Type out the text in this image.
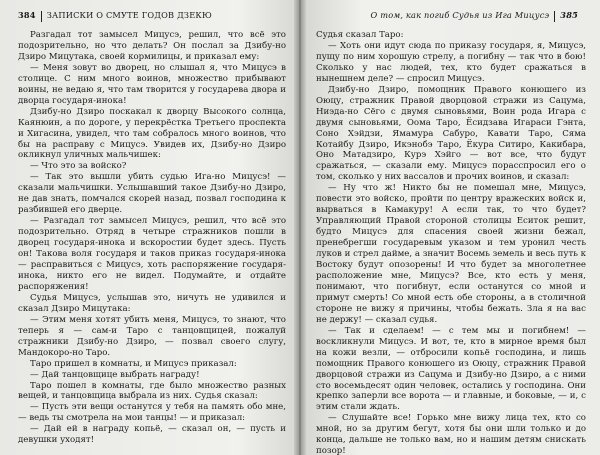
384 ЗАПИСКИ О СМУТЕ ГОДОВ ДЗЕКЮ

Разгадал тот замысел Мицусэ, решил, что всё это подозрительно, но что делать? Он послал за Дзибу-но Дзиро Мицутака, своей кормилицы, и приказал ему:

— Меня зовут во дворец, но слышал я, что Мицусэ в столице. С ним много воинов, множество прибывают воины, не ведаю я, что там творится у государева двора и дворца государя-инока!

Дзибу-но Дзиро поскакал к дворцу Высокого солнца, Каянюин, а по дороге, у перекрёстка Третьего проспекта и Хигасина, увидел, что там собралось много воинов, что бы на расправу с Мицусэ. Увидев их, Дзибу-но Дзиро окликнул уличных мальчишек:

— Что это за войско?

— Так это вышли убить судью Ига-но Мицусэ! — сказали мальчишки. Услышавший такое Дзибу-но Дзиро, не дав знать, помчался скорей назад, позвал господина к разбившей его дверце.

— Разгадал тот замысел Мицусэ, решил, что всё это подозрительно. Отряд в четыре стражников пошли в дворец государя-инока и вскоростии будет здесь. Пусть он! Такова воля государя и таков приказ государя-инока — расправиться с Мицусэ, хоть распоряжение государя-инока, никто его не видел. Подумайте, и отдайте распоряжения!

Судья Мицусэ, услышав это, ничуть не удивился и сказал Дзиро Мицутака:

— Этим меня хотят убить меня, Мицусэ, то знают, что теперь я — сам-и Таро с танцовщицей, пожалуй стражники Дзибу-но Дзиро, — позвал своего слугу, Мандокоро-но Таро.

Таро пришел в комнаты, и Мицусэ приказал:

— Дай танцовщице выбрать награду!

Таро пошел в комнаты, где было множество разных вещей, и танцовщица выбрала из них. Судья сказал:

— Пусть эти вещи останутся у тебя на память обо мне, — ведь ты смотрела на мои танцы! — и приказал:

— Дай ей в награду копьё, — сказал он, — пусть и девушки уходят!

О том, как погиб Судья из Ига Мицусэ 385

Судья сказал Таро:

— Хоть они идут сюда по приказу государя, я, Мицусэ, пущу по ним хорошую стрелу, а погибну — так что в бою! Сколько у нас людей, тех, кто будет сражаться в нынешнем деле? — спросил Мицусэ.

Дзибу-но Дзиро, помощник Правого конюшего из Оюцу, стражник Правой дворцовой стражи из Сацума, Ниэда-но Сёго с двумя сыновьями, Воин рода Игара с двумя сыновьями, Оома Таро, Ёсидзава Игараси Гэнта, Соно Хэйдзи, Ямамура Сабуро, Кавати Таро, Сяма Котайбу Дзиро, Икэнобэ Таро, Ёкура Ситиро, Какибара, Оно Матадзиро, Курэ Хэйго — вот все, что будут сражаться, — сказали ему. Мицусэ порасспросил его о том, сколько у них вассалов и прочих воинов, и сказал:

— Ну что ж! Никто бы не помешал мне, Мицусэ, повести это войско, пройти по центру вражеских войск и, вырваться в Камакуру! А если так, то что будет? Управляющий Правой стороной столицы Еситок решит, будто Мицусэ для спасения своей жизни бежал, пренебрегши государевым указом и тем уронил честь луков и стрел дайме, а значит Восемь земель и весь путь к Востоку будут опозорены! И что будет за многолетнее расположение мне, Мицусэ? Все, кто есть у меня, понимают, что погибнут, если останутся со мной и примут смерть! Со мной есть обе стороны, а в столичной стороне не вижу я причины, чтобы бежать. Зла я на вас не держу! — сказал судья.

— Так и сделаем! — с тем мы и погибнем! — воскликнули Мицусэ. И вот, те, кто в мирное время был на кожи везли, — отбросили копьё господина, и лишь помощник Правого конюшего из Оюцу, стражник Правой дворцовой стражи из Сацума и Дзибу-но Дзиро, а с ними сто восемьдесят один человек, остались у господина. Они крепко заперли все ворота — и главные, и боковые, — и, с этим стали ждать.

— Слушайте все! Горько мне вижу лица тех, кто со мной, но за другим бегут, хотя бы они шли только и до конца, дальше не только вам, но и нашим детям снискать позор!
